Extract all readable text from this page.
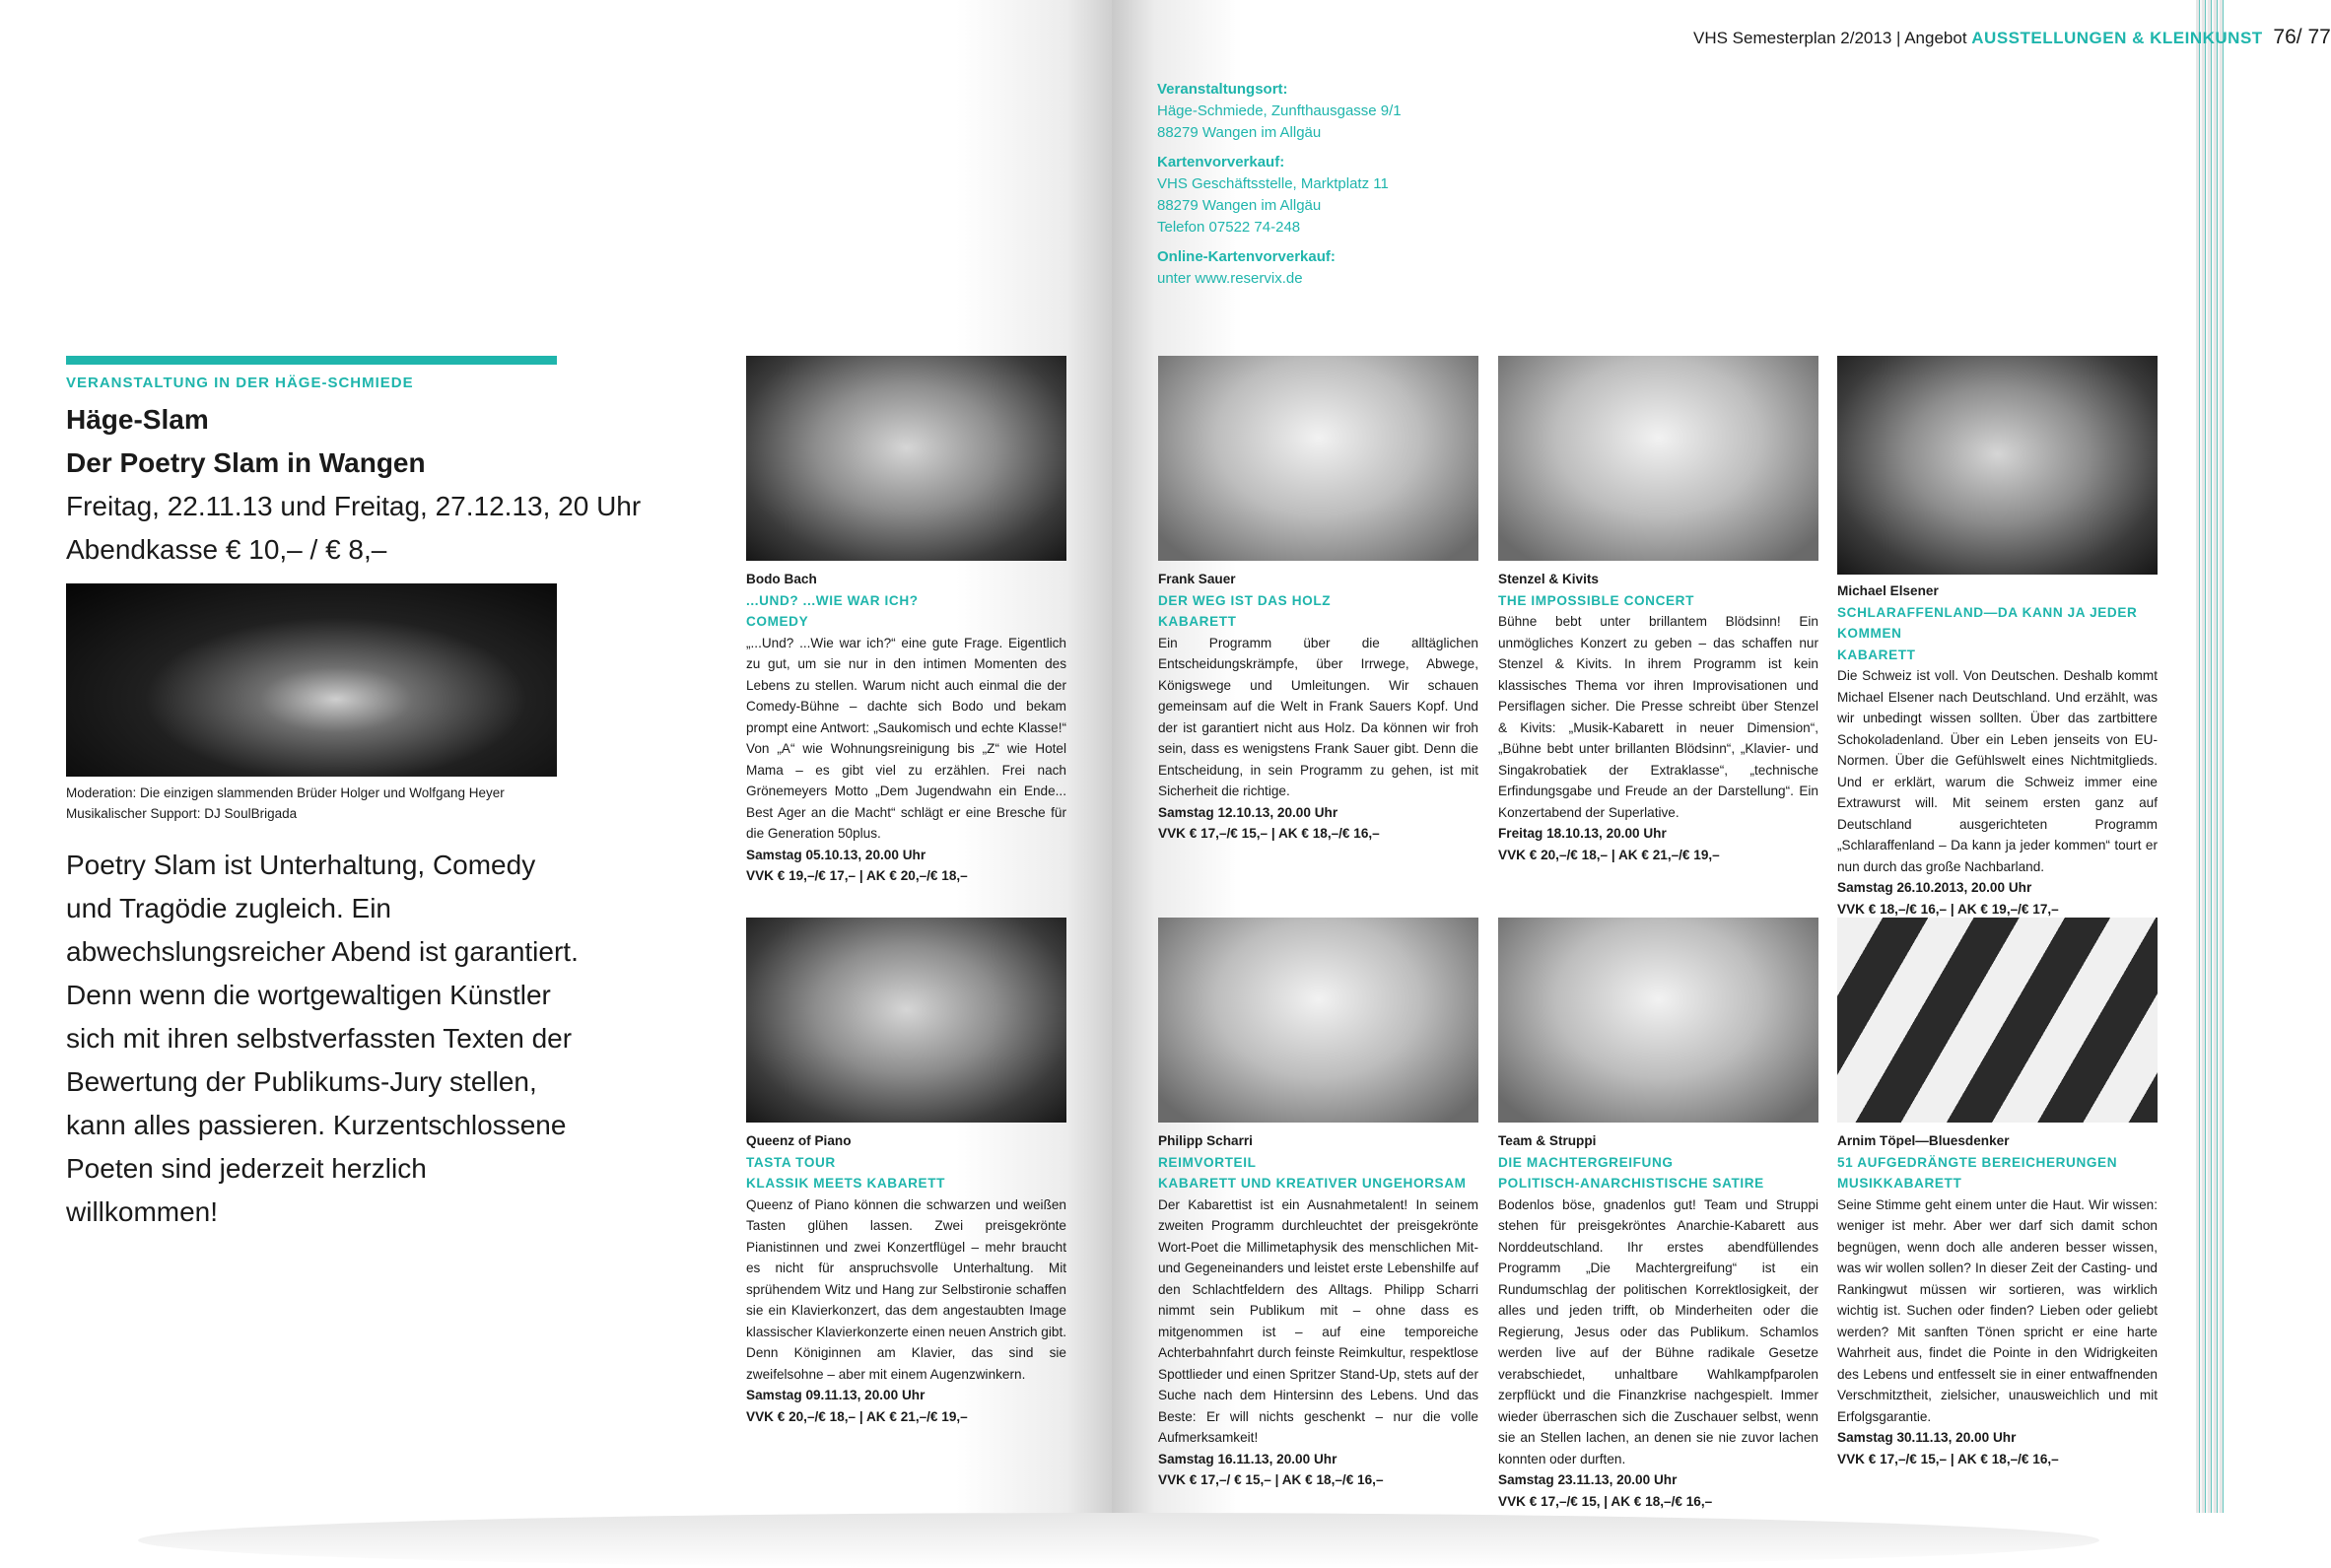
VHS Semesterplan 2/2013 | Angebot AUSSTELLUNGEN & KLEINKUNST 76/ 77
Veranstaltungsort:
Häge-Schmiede, Zunfthausgasse 9/1
88279 Wangen im Allgäu
Kartenvorverkauf:
VHS Geschäftsstelle, Marktplatz 11
88279 Wangen im Allgäu
Telefon 07522 74-248
Online-Kartenvorverkauf:
unter www.reservix.de
VERANSTALTUNG IN DER HÄGE-SCHMIEDE
Häge-Slam
Der Poetry Slam in Wangen
Freitag, 22.11.13 und Freitag, 27.12.13, 20 Uhr
Abendkasse € 10,– / € 8,–
Moderation: Die einzigen slammenden Brüder Holger und Wolfgang Heyer
Musikalischer Support: DJ SoulBrigada
Poetry Slam ist Unterhaltung, Comedy und Tragödie zugleich. Ein abwechslungsreicher Abend ist garantiert. Denn wenn die wortgewaltigen Künstler sich mit ihren selbstverfassten Texten der Bewertung der Publikums-Jury stellen, kann alles passieren. Kurzentschlossene Poeten sind jederzeit herzlich willkommen!
Bodo Bach
...UND? ...WIE WAR ICH?
COMEDY
„...Und? ...Wie war ich?“ eine gute Frage. Eigentlich zu gut, um sie nur in den intimen Momenten des Lebens zu stellen. Warum nicht auch einmal die der Comedy-Bühne – dachte sich Bodo und bekam prompt eine Antwort: „Saukomisch und echte Klasse!“ Von „A“ wie Wohnungsreinigung bis „Z“ wie Hotel Mama – es gibt viel zu erzählen. Frei nach Grönemeyers Motto „Dem Jugendwahn ein Ende... Best Ager an die Macht“ schlägt er eine Bresche für die Generation 50plus.
Samstag 05.10.13, 20.00 Uhr
VVK € 19,–/€ 17,– | AK € 20,–/€ 18,–
Frank Sauer
DER WEG IST DAS HOLZ
KABARETT
Ein Programm über die alltäglichen Entscheidungskrämpfe, über Irrwege, Abwege, Königswege und Umleitungen. Wir schauen gemeinsam auf die Welt in Frank Sauers Kopf. Und der ist garantiert nicht aus Holz. Da können wir froh sein, dass es wenigstens Frank Sauer gibt. Denn die Entscheidung, in sein Programm zu gehen, ist mit Sicherheit die richtige.
Samstag 12.10.13, 20.00 Uhr
VVK € 17,–/€ 15,– | AK € 18,–/€ 16,–
Stenzel & Kivits
THE IMPOSSIBLE CONCERT
Bühne bebt unter brillantem Blödsinn! Ein unmögliches Konzert zu geben – das schaffen nur Stenzel & Kivits. In ihrem Programm ist kein klassisches Thema vor ihren Improvisationen und Persiflagen sicher. Die Presse schreibt über Stenzel & Kivits: „Musik-Kabarett in neuer Dimension“, „Bühne bebt unter brillanten Blödsinn“, „Klavier- und Singakrobatiek der Extraklasse“, „technische Erfindungsgabe und Freude an der Darstellung“. Ein Konzertabend der Superlative.
Freitag 18.10.13, 20.00 Uhr
VVK € 20,–/€ 18,– | AK € 21,–/€ 19,–
Michael Elsener
SCHLARAFFENLAND—DA KANN JA JEDER KOMMEN
KABARETT
Die Schweiz ist voll. Von Deutschen. Deshalb kommt Michael Elsener nach Deutschland. Und erzählt, was wir unbedingt wissen sollten. Über das zartbittere Schokoladenland. Über ein Leben jenseits von EU-Normen. Über die Gefühlswelt eines Nichtmitglieds. Und er erklärt, warum die Schweiz immer eine Extrawurst will. Mit seinem ersten ganz auf Deutschland ausgerichteten Programm „Schlaraffenland – Da kann ja jeder kommen“ tourt er nun durch das große Nachbarland.
Samstag 26.10.2013, 20.00 Uhr
VVK € 18,–/€ 16,– | AK € 19,–/€ 17,–
Queenz of Piano
TASTA TOUR
KLASSIK MEETS KABARETT
Queenz of Piano können die schwarzen und weißen Tasten glühen lassen. Zwei preisgekrönte Pianistinnen und zwei Konzertflügel – mehr braucht es nicht für anspruchsvolle Unterhaltung. Mit sprühendem Witz und Hang zur Selbstironie schaffen sie ein Klavierkonzert, das dem angestaubten Image klassischer Klavierkonzerte einen neuen Anstrich gibt. Denn Königinnen am Klavier, das sind sie zweifelsohne – aber mit einem Augenzwinkern.
Samstag 09.11.13, 20.00 Uhr
VVK € 20,–/€ 18,– | AK € 21,–/€ 19,–
Philipp Scharri
REIMVORTEIL
KABARETT UND KREATIVER UNGEHORSAM
Der Kabarettist ist ein Ausnahmetalent! In seinem zweiten Programm durchleuchtet der preisgekrönte Wort-Poet die Millimetaphysik des menschlichen Mit- und Gegeneinanders und leistet erste Lebenshilfe auf den Schlachtfeldern des Alltags. Philipp Scharri nimmt sein Publikum mit – ohne dass es mitgenommen ist – auf eine temporeiche Achterbahnfahrt durch feinste Reimkultur, respektlose Spottlieder und einen Spritzer Stand-Up, stets auf der Suche nach dem Hintersinn des Lebens. Und das Beste: Er will nichts geschenkt – nur die volle Aufmerksamkeit!
Samstag 16.11.13, 20.00 Uhr
VVK € 17,–/ € 15,– | AK € 18,–/€ 16,–
Team & Struppi
DIE MACHTERGREIFUNG
POLITISCH-ANARCHISTISCHE SATIRE
Bodenlos böse, gnadenlos gut! Team und Struppi stehen für preisgekröntes Anarchie-Kabarett aus Norddeutschland. Ihr erstes abendfüllendes Programm „Die Machtergreifung“ ist ein Rundumschlag der politischen Korrektlosigkeit, der alles und jeden trifft, ob Minderheiten oder die Regierung, Jesus oder das Publikum. Schamlos werden live auf der Bühne radikale Gesetze verabschiedet, unhaltbare Wahlkampfparolen zerpflückt und die Finanzkrise nachgespielt. Immer wieder überraschen sich die Zuschauer selbst, wenn sie an Stellen lachen, an denen sie nie zuvor lachen konnten oder durften.
Samstag 23.11.13, 20.00 Uhr
VVK € 17,–/€ 15, | AK € 18,–/€ 16,–
Arnim Töpel—Bluesdenker
51 AUFGEDRÄNGTE BEREICHERUNGEN
MUSIKKABARETT
Seine Stimme geht einem unter die Haut. Wir wissen: weniger ist mehr. Aber wer darf sich damit schon begnügen, wenn doch alle anderen besser wissen, was wir wollen sollen? In dieser Zeit der Casting- und Rankingwut müssen wir sortieren, was wirklich wichtig ist. Suchen oder finden? Lieben oder geliebt werden? Mit sanften Tönen spricht er eine harte Wahrheit aus, findet die Pointe in den Widrigkeiten des Lebens und entfesselt sie in einer entwaffnenden Verschmitztheit, zielsicher, unausweichlich und mit Erfolgsgarantie.
Samstag 30.11.13, 20.00 Uhr
VVK € 17,–/€ 15,– | AK € 18,–/€ 16,–
